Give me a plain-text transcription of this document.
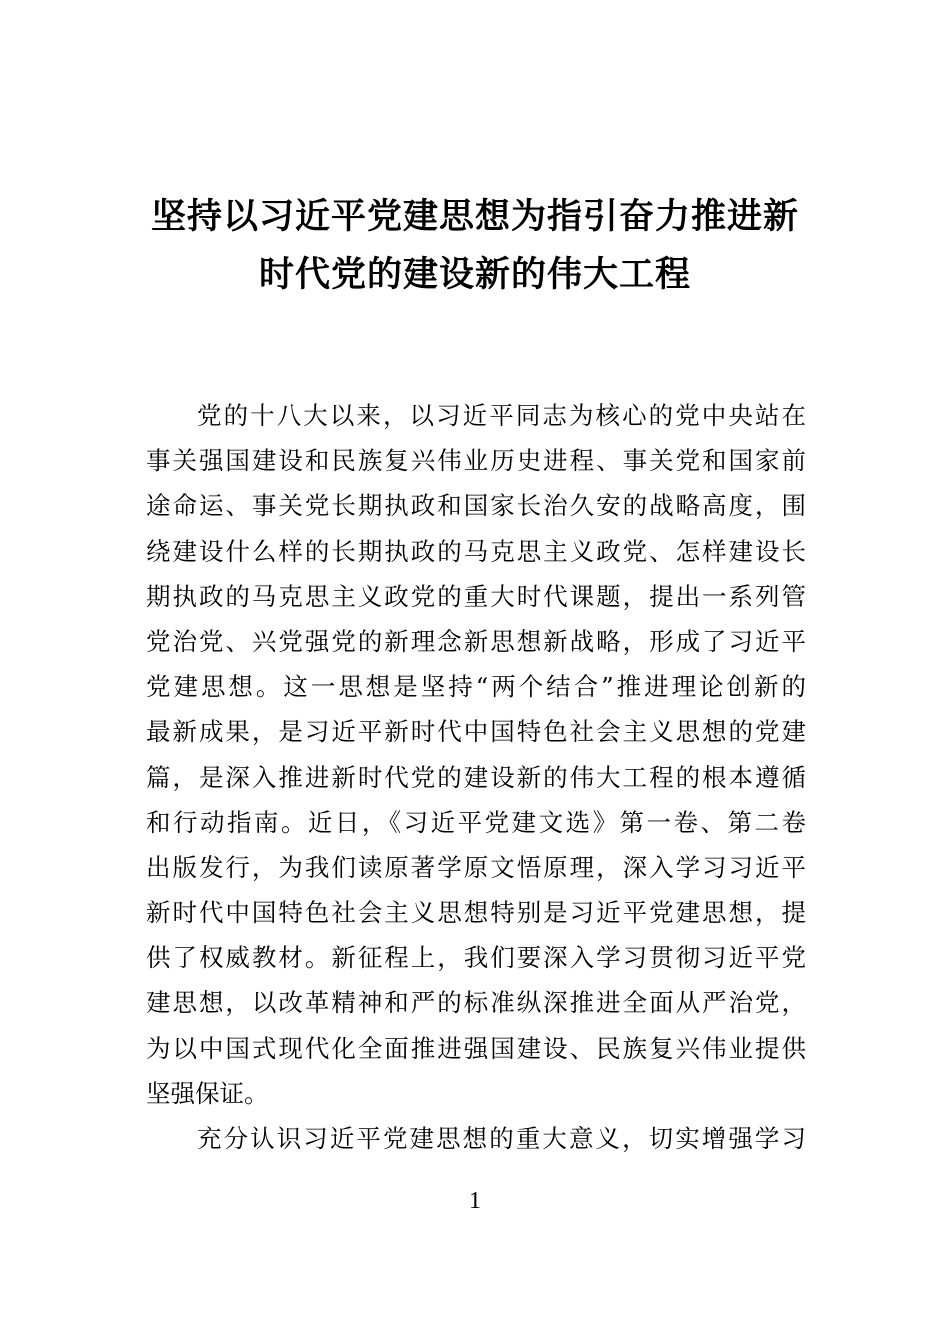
坚持以习近平党建思想为指引奋力推进新
时代党的建设新的伟大工程
党的十八大以来，以习近平同志为核心的党中央站在
事关强国建设和民族复兴伟业历史进程、事关党和国家前
途命运、事关党长期执政和国家长治久安的战略高度，围
绕建设什么样的长期执政的马克思主义政党、怎样建设长
期执政的马克思主义政党的重大时代课题，提出一系列管
党治党、兴党强党的新理念新思想新战略，形成了习近平
党建思想。这一思想是坚持“两个结合”推进理论创新的
最新成果，是习近平新时代中国特色社会主义思想的党建
篇，是深入推进新时代党的建设新的伟大工程的根本遵循
和行动指南。近日，《习近平党建文选》第一卷、第二卷
出版发行，为我们读原著学原文悟原理，深入学习习近平
新时代中国特色社会主义思想特别是习近平党建思想，提
供了权威教材。新征程上，我们要深入学习贯彻习近平党
建思想，以改革精神和严的标准纵深推进全面从严治党，
为以中国式现代化全面推进强国建设、民族复兴伟业提供
坚强保证。
充分认识习近平党建思想的重大意义，切实增强学习
1
